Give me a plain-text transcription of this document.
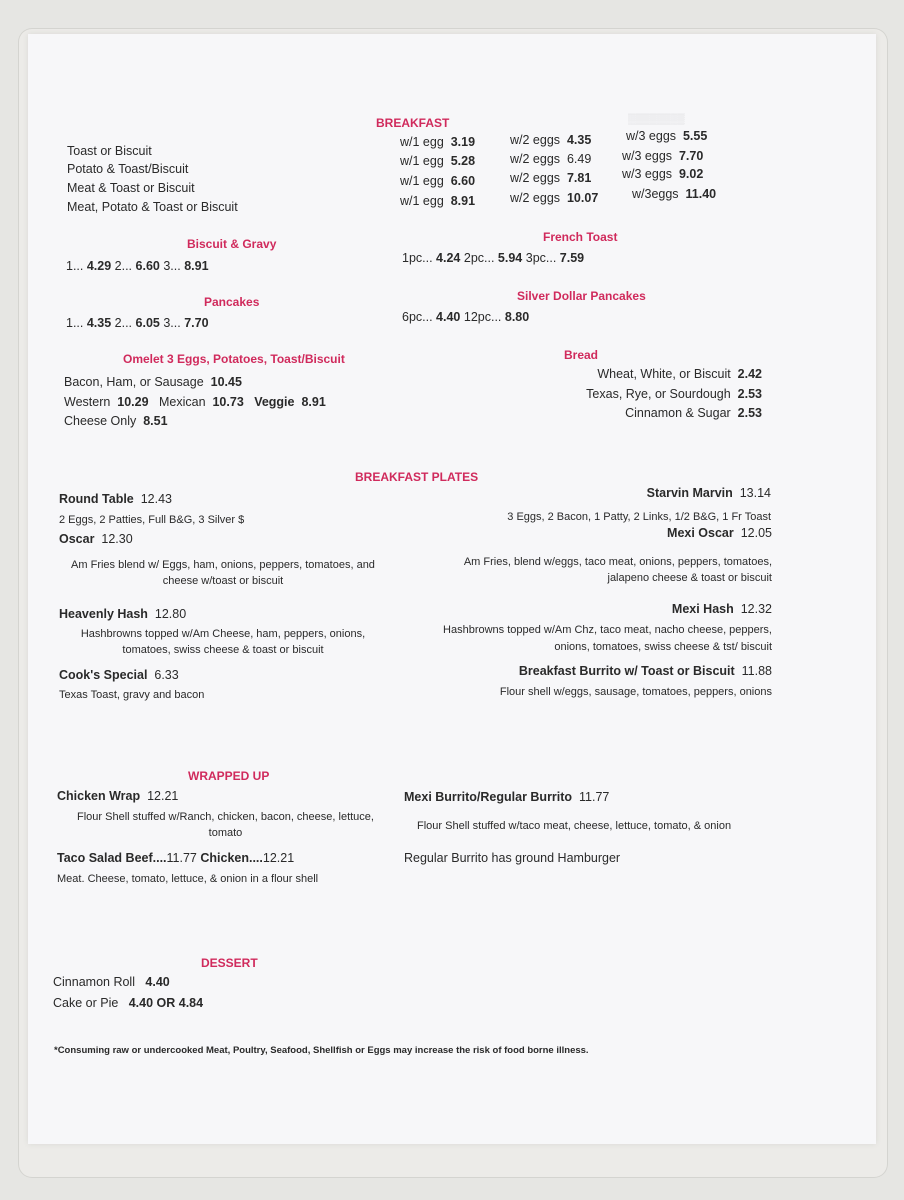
▒▒▒▒▒▒▒▒
BREAKFAST
Toast or Biscuit
Potato & Toast/Biscuit
Meat & Toast or Biscuit
Meat, Potato & Toast or Biscuit
w/1 egg 3.19	w/2 eggs 4.35	w/3 eggs 5.55
w/1 egg 5.28	w/2 eggs 6.49 w/3 eggs 7.70
w/1 egg 6.60	w/2 eggs 7.81 w/3 eggs 9.02
w/1 egg 8.91	w/2 eggs 10.07	w/3eggs 11.40
Biscuit & Gravy
1... 4.29 2... 6.60 3... 8.91
French Toast
1pc... 4.24 2pc... 5.94 3pc... 7.59
Pancakes
1... 4.35 2... 6.05 3... 7.70
Silver Dollar Pancakes
6pc... 4.40 12pc... 8.80
Omelet 3 Eggs, Potatoes, Toast/Biscuit
Bacon, Ham, or Sausage 10.45
Western 10.29 Mexican 10.73 Veggie 8.91
Cheese Only 8.51
Bread
Wheat, White, or Biscuit 2.42
Texas, Rye, or Sourdough 2.53
Cinnamon & Sugar 2.53
BREAKFAST PLATES
Round Table 12.43
2 Eggs, 2 Patties, Full B&G, 3 Silver $
Oscar 12.30
Am Fries blend w/ Eggs, ham, onions, peppers, tomatoes, and
cheese w/toast or biscuit
Heavenly Hash 12.80
Hashbrowns topped w/Am Cheese, ham, peppers, onions,
tomatoes, swiss cheese & toast or biscuit
Cook's Special 6.33
Texas Toast, gravy and bacon
Starvin Marvin 13.14
3 Eggs, 2 Bacon, 1 Patty, 2 Links, 1/2 B&G, 1 Fr Toast
Mexi Oscar 12.05
Am Fries, blend w/eggs, taco meat, onions, peppers, tomatoes,
jalapeno cheese & toast or biscuit
Mexi Hash 12.32
Hashbrowns topped w/Am Chz, taco meat, nacho cheese, peppers,
onions, tomatoes, swiss cheese & tst/ biscuit
Breakfast Burrito w/ Toast or Biscuit 11.88
Flour shell w/eggs, sausage, tomatoes, peppers, onions
WRAPPED UP
Chicken Wrap 12.21
Flour Shell stuffed w/Ranch, chicken, bacon, cheese, lettuce,
tomato
Taco Salad Beef....11.77 Chicken....12.21
Meat. Cheese, tomato, lettuce, & onion in a flour shell
Mexi Burrito/Regular Burrito 11.77
Flour Shell stuffed w/taco meat, cheese, lettuce, tomato, & onion
Regular Burrito has ground Hamburger
DESSERT
Cinnamon Roll 4.40
Cake or Pie 4.40 OR 4.84
*Consuming raw or undercooked Meat, Poultry, Seafood, Shellfish or Eggs may increase the risk of food borne illness.
